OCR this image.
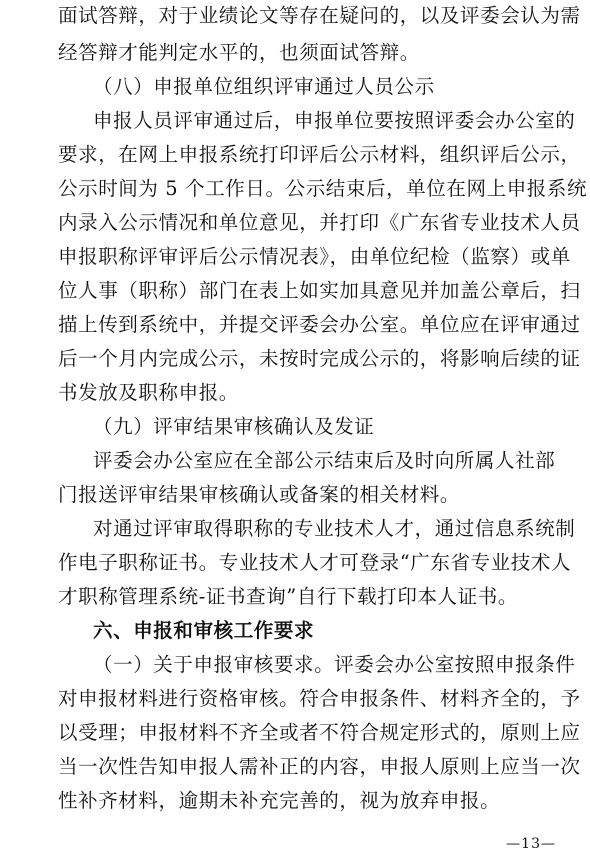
面试答辩，对于业绩论文等存在疑问的，以及评委会认为需
经答辩才能判定水平的，也须面试答辩。
（八）申报单位组织评审通过人员公示
申报人员评审通过后，申报单位要按照评委会办公室的
要求，在网上申报系统打印评后公示材料，组织评后公示，
公示时间为 5 个工作日。公示结束后，单位在网上申报系统
内录入公示情况和单位意见，并打印《广东省专业技术人员
申报职称评审评后公示情况表》，由单位纪检（监察）或单
位人事（职称）部门在表上如实加具意见并加盖公章后，扫
描上传到系统中，并提交评委会办公室。单位应在评审通过
后一个月内完成公示，未按时完成公示的，将影响后续的证
书发放及职称申报。
（九）评审结果审核确认及发证
评委会办公室应在全部公示结束后及时向所属人社部
门报送评审结果审核确认或备案的相关材料。
对通过评审取得职称的专业技术人才，通过信息系统制
作电子职称证书。专业技术人才可登录“广东省专业技术人
才职称管理系统-证书查询”自行下载打印本人证书。
六、申报和审核工作要求
（一）关于申报审核要求。评委会办公室按照申报条件
对申报材料进行资格审核。符合申报条件、材料齐全的，予
以受理；申报材料不齐全或者不符合规定形式的，原则上应
当一次性告知申报人需补正的内容，申报人原则上应当一次
性补齐材料，逾期未补充完善的，视为放弃申报。
—13—
